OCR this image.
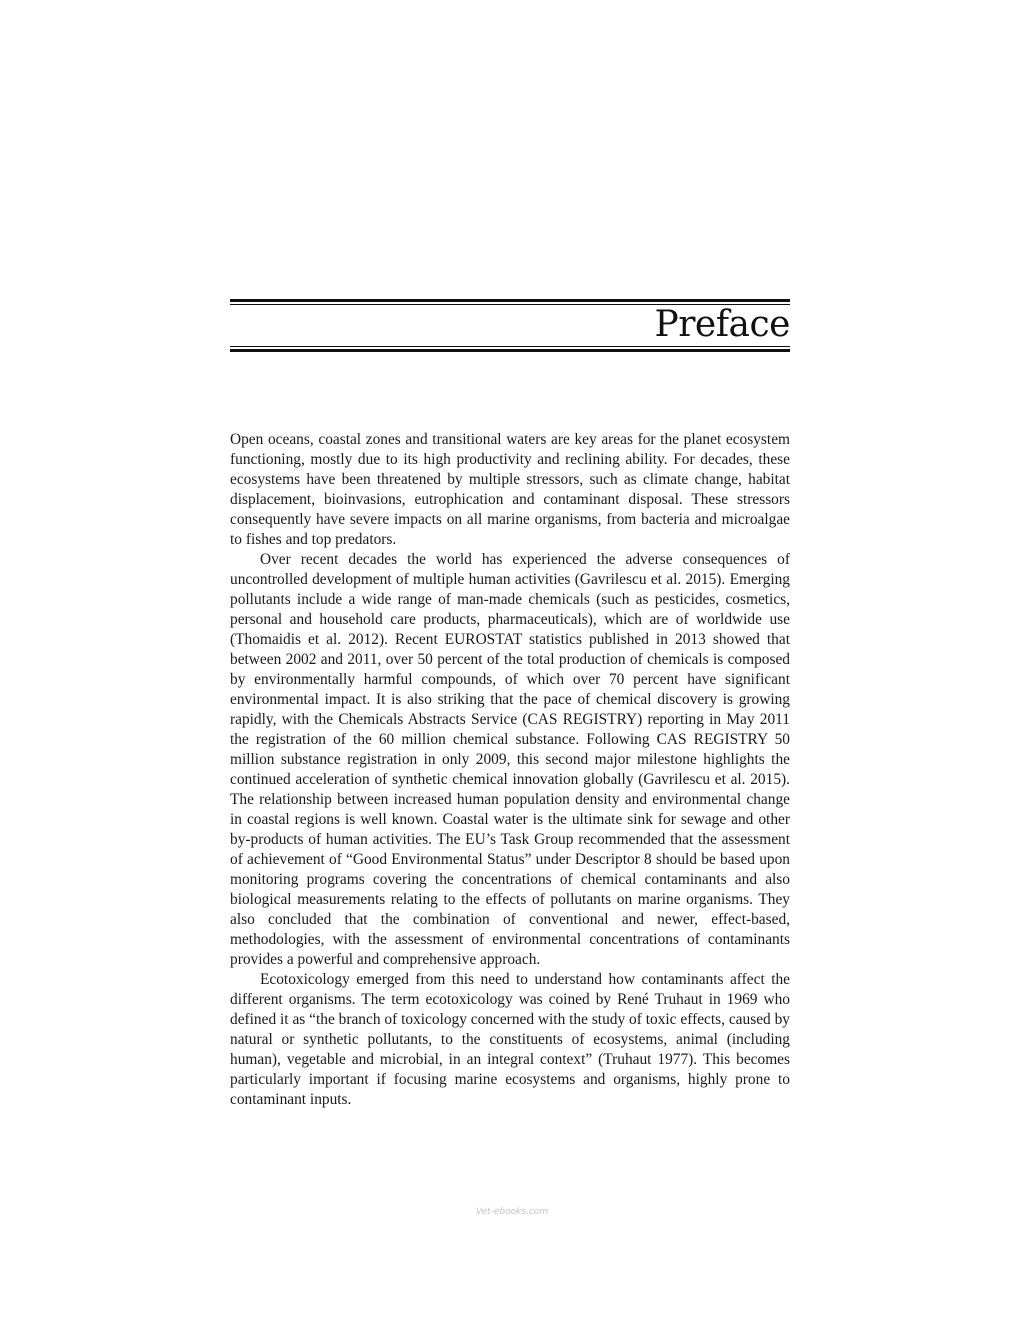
Preface

Open oceans, coastal zones and transitional waters are key areas for the planet ecosystem functioning, mostly due to its high productivity and reclining ability. For decades, these ecosystems have been threatened by multiple stressors, such as climate change, habitat displacement, bioinvasions, eutrophication and contaminant disposal. These stressors consequently have severe impacts on all marine organisms, from bacteria and microalgae to fishes and top predators.

Over recent decades the world has experienced the adverse consequences of uncontrolled development of multiple human activities (Gavrilescu et al. 2015). Emerging pollutants include a wide range of man-made chemicals (such as pesticides, cosmetics, personal and household care products, pharmaceuticals), which are of worldwide use (Thomaidis et al. 2012). Recent EUROSTAT statistics published in 2013 showed that between 2002 and 2011, over 50 percent of the total production of chemicals is composed by environmentally harmful compounds, of which over 70 percent have significant environmental impact. It is also striking that the pace of chemical discovery is growing rapidly, with the Chemicals Abstracts Service (CAS REGISTRY) reporting in May 2011 the registration of the 60 million chemical substance. Following CAS REGISTRY 50 million substance registration in only 2009, this second major milestone highlights the continued acceleration of synthetic chemical innovation globally (Gavrilescu et al. 2015). The relationship between increased human population density and environmental change in coastal regions is well known. Coastal water is the ultimate sink for sewage and other by-products of human activities. The EU’s Task Group recommended that the assessment of achievement of “Good Environmental Status” under Descriptor 8 should be based upon monitoring programs covering the concentrations of chemical contaminants and also biological measurements relating to the effects of pollutants on marine organisms. They also concluded that the combination of conventional and newer, effect-based, methodologies, with the assessment of environmental concentrations of contaminants provides a powerful and comprehensive approach.

Ecotoxicology emerged from this need to understand how contaminants affect the different organisms. The term ecotoxicology was coined by René Truhaut in 1969 who defined it as “the branch of toxicology concerned with the study of toxic effects, caused by natural or synthetic pollutants, to the constituents of ecosystems, animal (including human), vegetable and microbial, in an integral context” (Truhaut 1977). This becomes particularly important if focusing marine ecosystems and organisms, highly prone to contaminant inputs.

Vet-ebooks.com
